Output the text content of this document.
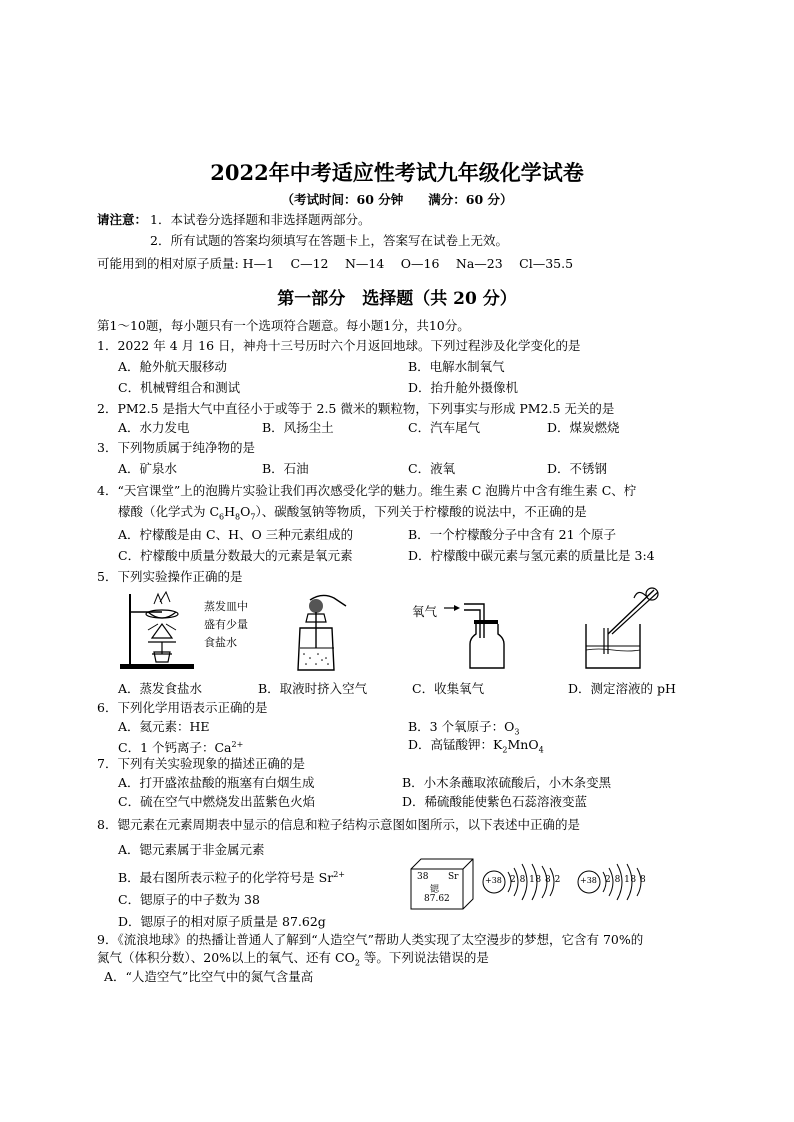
2022年中考适应性考试九年级化学试卷
（考试时间：60 分钟　　满分：60 分）
请注意： 1．本试卷分选择题和非选择题两部分。
2．所有试题的答案均须填写在答题卡上，答案写在试卷上无效。
可能用到的相对原子质量: H—1　 C—12　 N—14　 O—16　 Na—23　 Cl—35.5
第一部分　选择题（共 20 分）
第1～10题，每小题只有一个选项符合题意。每小题1分，共10分。
1．2022 年 4 月 16 日，神舟十三号历时六个月返回地球。下列过程涉及化学变化的是
A．舱外航天服移动	B．电解水制氧气
C．机械臂组合和测试	D．抬升舱外摄像机
2．PM2.5 是指大气中直径小于或等于 2.5 微米的颗粒物，下列事实与形成 PM2.5 无关的是
A．水力发电	B．风扬尘土	C．汽车尾气	D．煤炭燃烧
3．下列物质属于纯净物的是
A．矿泉水	B．石油	C．液氧	D．不锈钢
4．“天宫课堂”上的泡腾片实验让我们再次感受化学的魅力。维生素 C 泡腾片中含有维生素 C、柠
檬酸（化学式为 $C_6H_8O_7$）、碳酸氢钠等物质，下列关于柠檬酸的说法中，不正确的是
A．柠檬酸是由 C、H、O 三种元素组成的	B．一个柠檬酸分子中含有 21 个原子
C．柠檬酸中质量分数最大的元素是氧元素	D．柠檬酸中碳元素与氢元素的质量比是 3:4
5．下列实验操作正确的是
蒸发皿中
盛有少量
食盐水
氧气
A．蒸发食盐水	B．取液时挤入空气	C．收集氧气	D．测定溶液的 pH
6．下列化学用语表示正确的是
A．氦元素：HE	B．3 个氧原子：$O_3$
C．1 个钙离子：$Ca^{2+}$	D．高锰酸钾：$K_2MnO_4$
7．下列有关实验现象的描述正确的是
A．打开盛浓盐酸的瓶塞有白烟生成	B．小木条蘸取浓硫酸后，小木条变黑
C．硫在空气中燃烧发出蓝紫色火焰	D．稀硫酸能使紫色石蕊溶液变蓝
8．锶元素在元素周期表中显示的信息和粒子结构示意图如图所示，以下表述中正确的是
A．锶元素属于非金属元素
B．最右图所表示粒子的化学符号是 $Sr^{2+}$
C．锶原子的中子数为 38
D．锶原子的相对原子质量是 87.62g
38 Sr
锶
87.62
+38 2 8 18 8 2 +38 2 8 18 8
9．《流浪地球》的热播让普通人了解到“人造空气”帮助人类实现了太空漫步的梦想，它含有 70%的
氮气（体积分数）、20%以上的氧气、还有 $CO_2$ 等。下列说法错误的是
A．“人造空气”比空气中的氮气含量高
